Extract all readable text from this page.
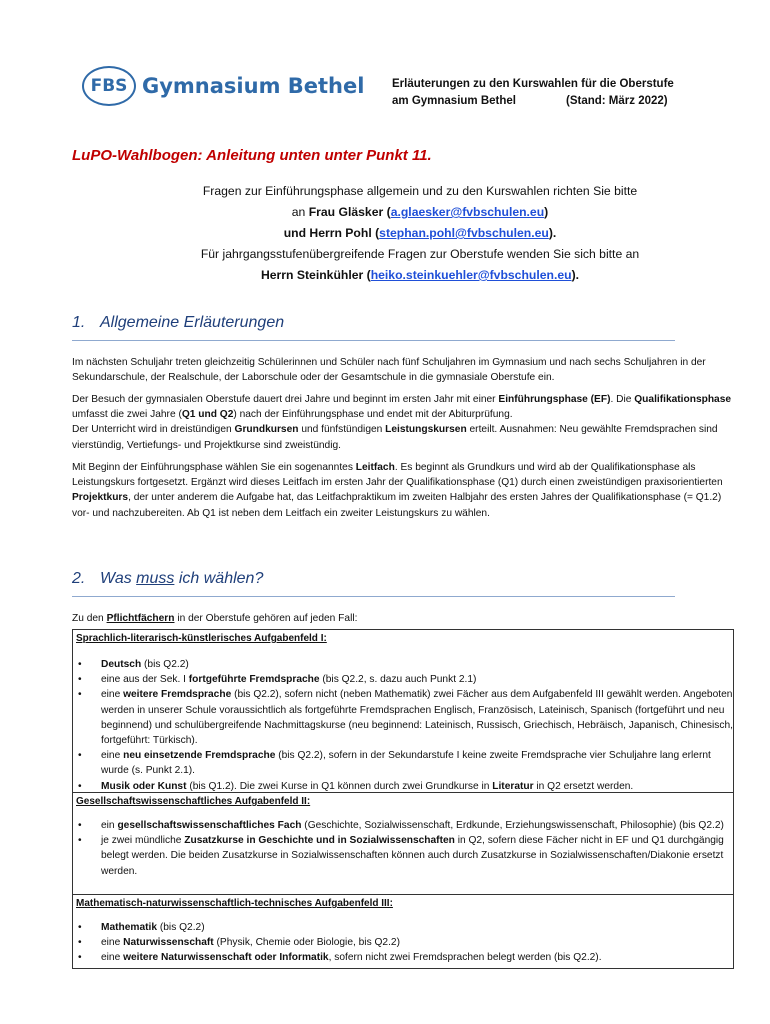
FBS Gymnasium Bethel Erläuterungen zu den Kurswahlen für die Oberstufe
am Gymnasium Bethel	(Stand: März 2022)
LuPO-Wahlbogen: Anleitung unten unter Punkt 11.
Fragen zur Einführungsphase allgemein und zu den Kurswahlen richten Sie bitte
an Frau Gläsker (a.glaesker@fvbschulen.eu)
und Herrn Pohl (stephan.pohl@fvbschulen.eu).
Für jahrgangsstufenübergreifende Fragen zur Oberstufe wenden Sie sich bitte an
Herrn Steinkühler (heiko.steinkuehler@fvbschulen.eu).
1. Allgemeine Erläuterungen
Im nächsten Schuljahr treten gleichzeitig Schülerinnen und Schüler nach fünf Schuljahren im Gymnasium und nach sechs Schuljahren in der Sekundarschule, der Realschule, der Laborschule oder der Gesamtschule in die gymnasiale Oberstufe ein.
Der Besuch der gymnasialen Oberstufe dauert drei Jahre und beginnt im ersten Jahr mit einer Einführungsphase (EF). Die Qualifikationsphase umfasst die zwei Jahre (Q1 und Q2) nach der Einführungsphase und endet mit der Abiturprüfung.
Der Unterricht wird in dreistündigen Grundkursen und fünfstündigen Leistungskursen erteilt. Ausnahmen: Neu gewählte Fremdsprachen sind vierstündig, Vertiefungs- und Projektkurse sind zweistündig.
Mit Beginn der Einführungsphase wählen Sie ein sogenanntes Leitfach. Es beginnt als Grundkurs und wird ab der Qualifikationsphase als Leistungskurs fortgesetzt. Ergänzt wird dieses Leitfach im ersten Jahr der Qualifikationsphase (Q1) durch einen zweistündigen praxisorientierten Projektkurs, der unter anderem die Aufgabe hat, das Leitfachpraktikum im zweiten Halbjahr des ersten Jahres der Qualifikationsphase (= Q1.2) vor- und nachzubereiten. Ab Q1 ist neben dem Leitfach ein zweiter Leistungskurs zu wählen.
2. Was muss ich wählen?
Zu den Pflichtfächern in der Oberstufe gehören auf jeden Fall:
Sprachlich-literarisch-künstlerisches Aufgabenfeld I:
• Deutsch (bis Q2.2)
• eine aus der Sek. I fortgeführte Fremdsprache (bis Q2.2, s. dazu auch Punkt 2.1)
• eine weitere Fremdsprache (bis Q2.2), sofern nicht (neben Mathematik) zwei Fächer aus dem Aufgabenfeld III gewählt werden. Angeboten werden in unserer Schule voraussichtlich als fortgeführte Fremdsprachen Englisch, Französisch, Lateinisch, Spanisch (fortgeführt und neu beginnend) und schulübergreifende Nachmittagskurse (neu beginnend: Lateinisch, Russisch, Griechisch, Hebräisch, Japanisch, Chinesisch, fortgeführt: Türkisch).
• eine neu einsetzende Fremdsprache (bis Q2.2), sofern in der Sekundarstufe I keine zweite Fremdsprache vier Schuljahre lang erlernt wurde (s. Punkt 2.1).
• Musik oder Kunst (bis Q1.2). Die zwei Kurse in Q1 können durch zwei Grundkurse in Literatur in Q2 ersetzt werden.
Gesellschaftswissenschaftliches Aufgabenfeld II:
• ein gesellschaftswissenschaftliches Fach (Geschichte, Sozialwissenschaft, Erdkunde, Erziehungswissenschaft, Philosophie) (bis Q2.2)
• je zwei mündliche Zusatzkurse in Geschichte und in Sozialwissenschaften in Q2, sofern diese Fächer nicht in EF und Q1 durchgängig belegt werden. Die beiden Zusatzkurse in Sozialwissenschaften können auch durch Zusatzkurse in Sozialwissenschaften/Diakonie ersetzt werden.
Mathematisch-naturwissenschaftlich-technisches Aufgabenfeld III:
• Mathematik (bis Q2.2)
• eine Naturwissenschaft (Physik, Chemie oder Biologie, bis Q2.2)
• eine weitere Naturwissenschaft oder Informatik, sofern nicht zwei Fremdsprachen belegt werden (bis Q2.2).
